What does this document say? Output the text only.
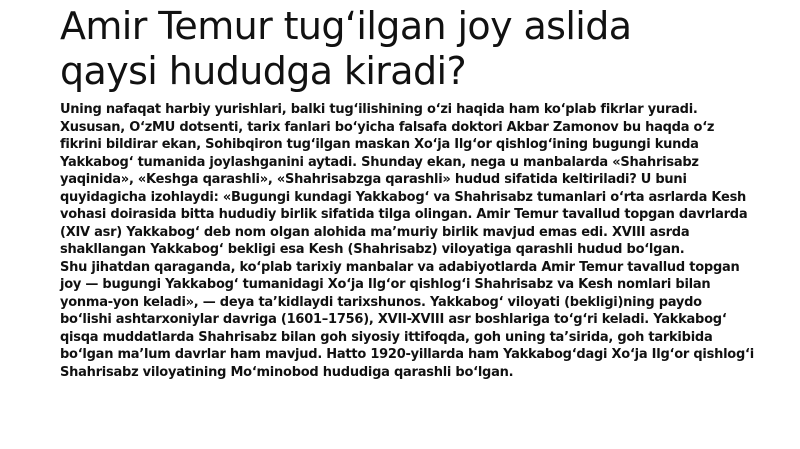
Amir Temur tug‘ilgan joy aslida
qaysi hududga kiradi?
Uning nafaqat harbiy yurishlari, balki tug‘ilishining o‘zi haqida ham ko‘plab fikrlar yuradi.
Xususan, O‘zMU dotsenti, tarix fanlari bo‘yicha falsafa doktori Akbar Zamonov bu haqda o‘z
fikrini bildirar ekan, Sohibqiron tug‘ilgan maskan Xo‘ja Ilg‘or qishlog‘ining bugungi kunda
Yakkabog‘ tumanida joylashganini aytadi. Shunday ekan, nega u manbalarda «Shahrisabz
yaqinida», «Keshga qarashli», «Shahrisabzga qarashli» hudud sifatida keltiriladi? U buni
quyidagicha izohlaydi: «Bugungi kundagi Yakkabog‘ va Shahrisabz tumanlari o‘rta asrlarda Kesh
vohasi doirasida bitta hududiy birlik sifatida tilga olingan. Amir Temur tavallud topgan davrlarda
(XIV asr) Yakkabog‘ deb nom olgan alohida ma’muriy birlik mavjud emas edi. XVIII asrda
shakllangan Yakkabog‘ bekligi esa Kesh (Shahrisabz) viloyatiga qarashli hudud bo‘lgan.
Shu jihatdan qaraganda, ko‘plab tarixiy manbalar va adabiyotlarda Amir Temur tavallud topgan
joy — bugungi Yakkabog‘ tumanidagi Xo‘ja Ilg‘or qishlog‘i Shahrisabz va Kesh nomlari bilan
yonma-yon keladi», — deya ta’kidlaydi tarixshunos. Yakkabog‘ viloyati (bekligi)ning paydo
bo‘lishi ashtarxoniylar davriga (1601–1756), XVII-XVIII asr boshlariga to‘g‘ri keladi. Yakkabog‘
qisqa muddatlarda Shahrisabz bilan goh siyosiy ittifoqda, goh uning ta’sirida, goh tarkibida
bo‘lgan ma’lum davrlar ham mavjud. Hatto 1920-yillarda ham Yakkabog‘dagi Xo‘ja Ilg‘or qishlog‘i
Shahrisabz viloyatining Mo‘minobod hududiga qarashli bo‘lgan.
